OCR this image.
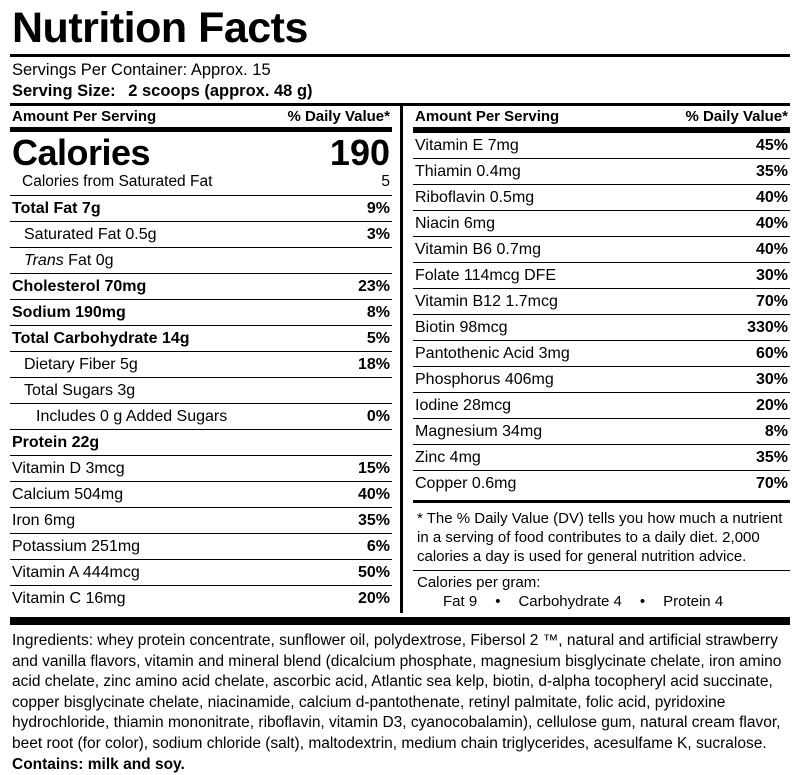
Nutrition Facts
Servings Per Container: Approx. 15
Serving Size: 2 scoops (approx. 48 g)
Amount Per Serving	% Daily Value*
Calories	190
Calories from Saturated Fat	5
Total Fat 7g	9%
Saturated Fat 0.5g	3%
Trans Fat 0g
Cholesterol 70mg	23%
Sodium 190mg	8%
Total Carbohydrate 14g	5%
Dietary Fiber 5g	18%
Total Sugars 3g
Includes 0 g Added Sugars	0%
Protein 22g
Vitamin D 3mcg	15%
Calcium 504mg	40%
Iron 6mg	35%
Potassium 251mg	6%
Vitamin A 444mcg	50%
Vitamin C 16mg	20%
Amount Per Serving	% Daily Value*
Vitamin E 7mg	45%
Thiamin 0.4mg	35%
Riboflavin 0.5mg	40%
Niacin 6mg	40%
Vitamin B6 0.7mg	40%
Folate 114mcg DFE	30%
Vitamin B12 1.7mcg	70%
Biotin 98mcg	330%
Pantothenic Acid 3mg	60%
Phosphorus 406mg	30%
Iodine 28mcg	20%
Magnesium 34mg	8%
Zinc 4mg	35%
Copper 0.6mg	70%
* The % Daily Value (DV) tells you how much a nutrient in a serving of food contributes to a daily diet. 2,000 calories a day is used for general nutrition advice.
Calories per gram:
Fat 9 • Carbohydrate 4 • Protein 4
Ingredients: whey protein concentrate, sunflower oil, polydextrose, Fibersol 2 ™, natural and artificial strawberry and vanilla flavors, vitamin and mineral blend (dicalcium phosphate, magnesium bisglycinate chelate, iron amino acid chelate, zinc amino acid chelate, ascorbic acid, Atlantic sea kelp, biotin, d-alpha tocopheryl acid succinate, copper bisglycinate chelate, niacinamide, calcium d-pantothenate, retinyl palmitate, folic acid, pyridoxine hydrochloride, thiamin mononitrate, riboflavin, vitamin D3, cyanocobalamin), cellulose gum, natural cream flavor, beet root (for color), sodium chloride (salt), maltodextrin, medium chain triglycerides, acesulfame K, sucralose.
Contains: milk and soy.
